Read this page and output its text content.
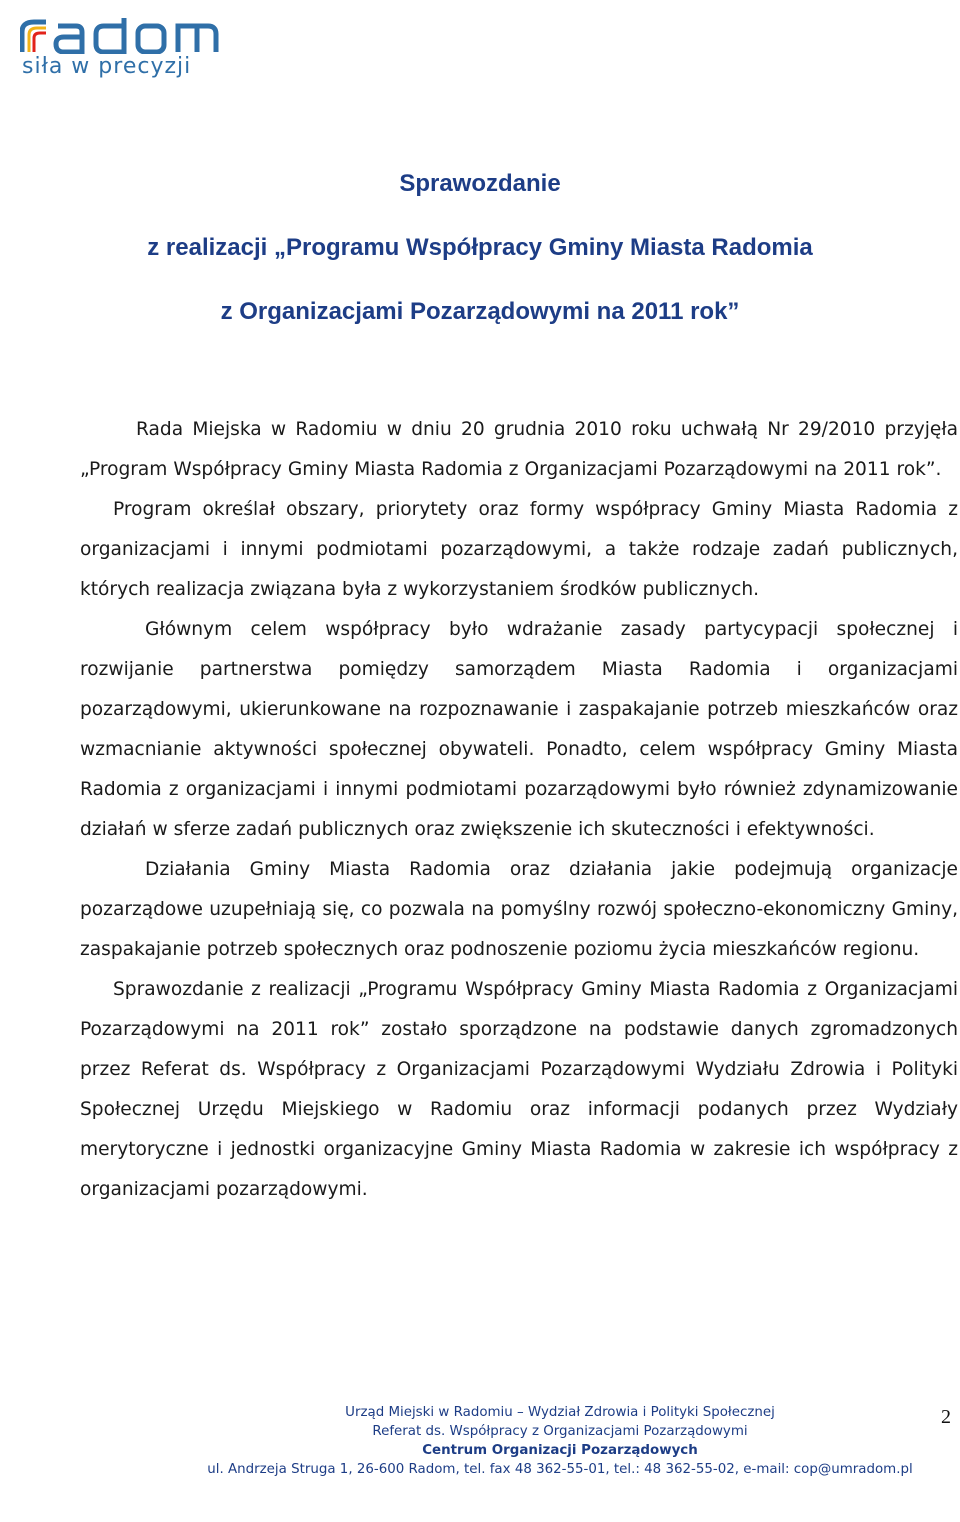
siła w precyzji
Sprawozdanie
z realizacji „Programu Współpracy Gminy Miasta Radomia
z Organizacjami Pozarządowymi na 2011 rok”

Rada Miejska w Radomiu w dniu 20 grudnia 2010 roku uchwałą Nr 29/2010 przyjęła „Program Współpracy Gminy Miasta Radomia z Organizacjami Pozarządowymi na 2011 rok”.

Program określał obszary, priorytety oraz formy współpracy Gminy Miasta Radomia z organizacjami i innymi podmiotami pozarządowymi, a także rodzaje zadań publicznych, których realizacja związana była z wykorzystaniem środków publicznych.

Głównym celem współpracy było wdrażanie zasady partycypacji społecznej i rozwijanie partnerstwa pomiędzy samorządem Miasta Radomia i organizacjami pozarządowymi, ukierunkowane na rozpoznawanie i zaspakajanie potrzeb mieszkańców oraz wzmacnianie aktywności społecznej obywateli. Ponadto, celem współpracy Gminy Miasta Radomia z organizacjami i innymi podmiotami pozarządowymi było również zdynamizowanie działań w sferze zadań publicznych oraz zwiększenie ich skuteczności i efektywności.

Działania Gminy Miasta Radomia oraz działania jakie podejmują organizacje pozarządowe uzupełniają się, co pozwala na pomyślny rozwój społeczno-ekonomiczny Gminy, zaspakajanie potrzeb społecznych oraz podnoszenie poziomu życia mieszkańców regionu.

Sprawozdanie z realizacji „Programu Współpracy Gminy Miasta Radomia z Organizacjami Pozarządowymi na 2011 rok” zostało sporządzone na podstawie danych zgromadzonych przez Referat ds. Współpracy z Organizacjami Pozarządowymi Wydziału Zdrowia i Polityki Społecznej Urzędu Miejskiego w Radomiu oraz informacji podanych przez Wydziały merytoryczne i jednostki organizacyjne Gminy Miasta Radomia w zakresie ich współpracy z organizacjami pozarządowymi.

Urząd Miejski w Radomiu – Wydział Zdrowia i Polityki Społecznej
Referat ds. Współpracy z Organizacjami Pozarządowymi
Centrum Organizacji Pozarządowych
ul. Andrzeja Struga 1, 26-600 Radom, tel. fax 48 362-55-01, tel.: 48 362-55-02, e-mail: cop@umradom.pl
2
